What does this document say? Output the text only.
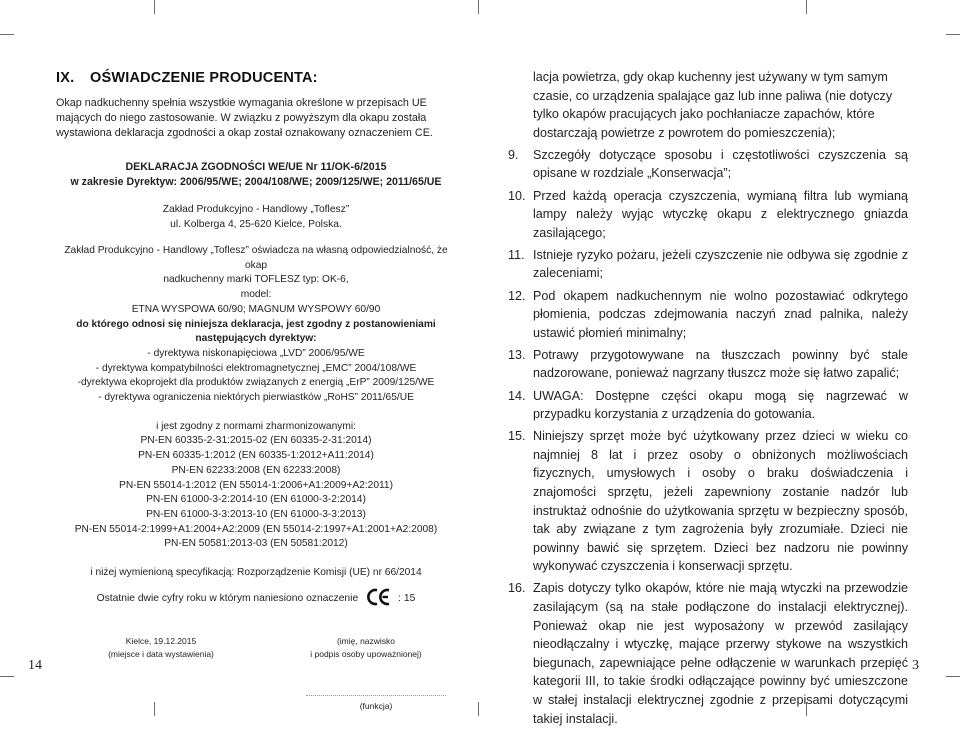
IX. OŚWIADCZENIE PRODUCENTA:

Okap nadkuchenny spełnia wszystkie wymagania określone w przepisach UE mających do niego zastosowanie. W związku z powyższym dla okapu została wystawiona deklaracja zgodności a okap został oznakowany oznaczeniem CE.

DEKLARACJA ZGODNOŚCI WE/UE Nr 11/OK-6/2015
w zakresie Dyrektyw: 2006/95/WE; 2004/108/WE; 2009/125/WE; 2011/65/UE
Zakład Produkcyjno - Handlowy „Toflesz”
ul. Kolberga 4, 25-620 Kielce, Polska.
Zakład Produkcyjno - Handlowy „Toflesz” oświadcza na własną odpowiedzialność, że okap
nadkuchenny marki TOFLESZ typ: OK-6,
model:
ETNA WYSPOWA 60/90; MAGNUM WYSPOWY 60/90
do którego odnosi się niniejsza deklaracja, jest zgodny z postanowieniami
następujących dyrektyw:
- dyrektywa niskonapięciowa „LVD” 2006/95/WE
- dyrektywa kompatybilności elektromagnetycznej „EMC” 2004/108/WE
-dyrektywa ekoprojekt dla produktów związanych z energią „ErP” 2009/125/WE
- dyrektywa ograniczenia niektórych pierwiastków „RoHS” 2011/65/UE
i jest zgodny z normami zharmonizowanymi:
PN-EN 60335-2-31:2015-02 (EN 60335-2-31:2014)
PN-EN 60335-1:2012 (EN 60335-1:2012+A11:2014)
PN-EN 62233:2008 (EN 62233:2008)
PN-EN 55014-1:2012 (EN 55014-1:2006+A1:2009+A2:2011)
PN-EN 61000-3-2:2014-10 (EN 61000-3-2:2014)
PN-EN 61000-3-3:2013-10 (EN 61000-3-3:2013)
PN-EN 55014-2:1999+A1:2004+A2:2009 (EN 55014-2:1997+A1:2001+A2:2008)
PN-EN 50581:2013-03 (EN 50581:2012)
i niżej wymienioną specyfikacją: Rozporządzenie Komisji (UE) nr 66/2014
Ostatnie dwie cyfry roku w którym naniesiono oznaczenie	: 15
Kielce, 19.12.2015
(miejsce i data wystawienia)
(imię, nazwisko
i podpis osoby upoważnionej)
(funkcja)

lacja powietrza, gdy okap kuchenny jest używany w tym samym czasie, co urządzenia spalające gaz lub inne paliwa (nie dotyczy tylko okapów pracujących jako pochłaniacze zapachów, które dostarczają powietrze z powrotem do pomieszczenia);

9.	Szczegóły dotyczące sposobu i częstotliwości czyszczenia są opisane w rozdziale „Konserwacja”;
10. Przed każdą operacja czyszczenia, wymianą filtra lub wymianą lampy należy wyjąc wtyczkę okapu z elektrycznego gniazda zasilającego;
11. Istnieje ryzyko pożaru, jeżeli czyszczenie nie odbywa się zgodnie z zaleceniami;
12. Pod okapem nadkuchennym nie wolno pozostawiać odkrytego płomienia, podczas zdejmowania naczyń znad palnika, należy ustawić płomień minimalny;
13. Potrawy przygotowywane na tłuszczach powinny być stale nadzorowane, ponieważ nagrzany tłuszcz może się łatwo zapalić;
14. UWAGA: Dostępne części okapu mogą się nagrzewać w przypadku korzystania z urządzenia do gotowania.
15. Niniejszy sprzęt może być użytkowany przez dzieci w wieku co najmniej 8 lat i przez osoby o obniżonych możliwościach fizycznych, umysłowych i osoby o braku doświadczenia i znajomości sprzętu, jeżeli zapewniony zostanie nadzór lub instruktaż odnośnie do użytkowania sprzętu w bezpieczny sposób, tak aby związane z tym zagrożenia były zrozumiałe. Dzieci nie powinny bawić się sprzętem. Dzieci bez nadzoru nie powinny wykonywać czyszczenia i konserwacji sprzętu.
16. Zapis dotyczy tylko okapów, które nie mają wtyczki na przewodzie zasilającym (są na stałe podłączone do instalacji elektrycznej). Ponieważ okap nie jest wyposażony w przewód zasilający nieodłączalny i wtyczkę, mające przerwy stykowe na wszystkich biegunach, zapewniające pełne odłączenie w warunkach przepięć kategorii III, to takie środki odłączające powinny być umieszczone w stałej instalacji elektrycznej zgodnie z przepisami dotyczącymi takiej instalacji.
14	3
